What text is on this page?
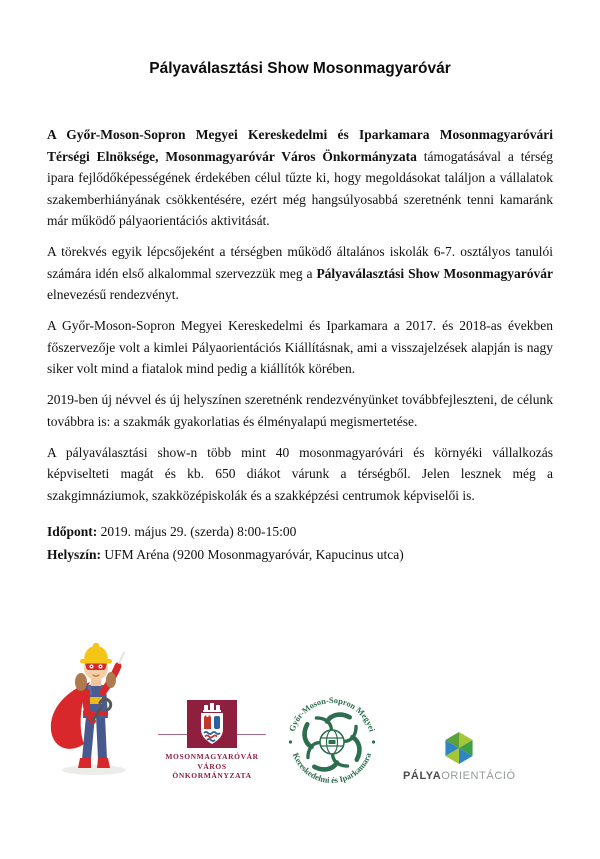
Pályaválasztási Show Mosonmagyaróvár

A Győr-Moson-Sopron Megyei Kereskedelmi és Iparkamara Mosonmagyaróvári Térségi Elnöksége, Mosonmagyaróvár Város Önkormányzata támogatásával a térség ipara fejlődőképességének érdekében célul tűzte ki, hogy megoldásokat találjon a vállalatok szakemberhiányának csökkentésére, ezért még hangsúlyosabbá szeretnénk tenni kamaránk már működő pályaorientációs aktivitását.

A törekvés egyik lépcsőjeként a térségben működő általános iskolák 6-7. osztályos tanulói számára idén első alkalommal szervezzük meg a Pályaválasztási Show Mosonmagyaróvár elnevezésű rendezvényt.

A Győr-Moson-Sopron Megyei Kereskedelmi és Iparkamara a 2017. és 2018-as években főszervezője volt a kimlei Pályaorientációs Kiállításnak, ami a visszajelzések alapján is nagy siker volt mind a fiatalok mind pedig a kiállítók körében.

2019-ben új névvel és új helyszínen szeretnénk rendezvényünket továbbfejleszteni, de célunk továbbra is: a szakmák gyakorlatias és élményalapú megismertetése.

A pályaválasztási show-n több mint 40 mosonmagyaróvári és környéki vállalkozás képviselteti magát és kb. 650 diákot várunk a térségből. Jelen lesznek még a szakgimnáziumok, szakközépiskolák és a szakképzési centrumok képviselői is.

Időpont: 2019. május 29. (szerda) 8:00-15:00

Helyszín: UFM Aréna (9200 Mosonmagyaróvár, Kapucinus utca)

MOSONMAGYARÓVÁR
VÁROS
ÖNKORMÁNYZATA
Győr-Moson-Sopron Megyei
Kereskedelmi és Iparkamara
PÁLYAORIENTÁCIÓ
